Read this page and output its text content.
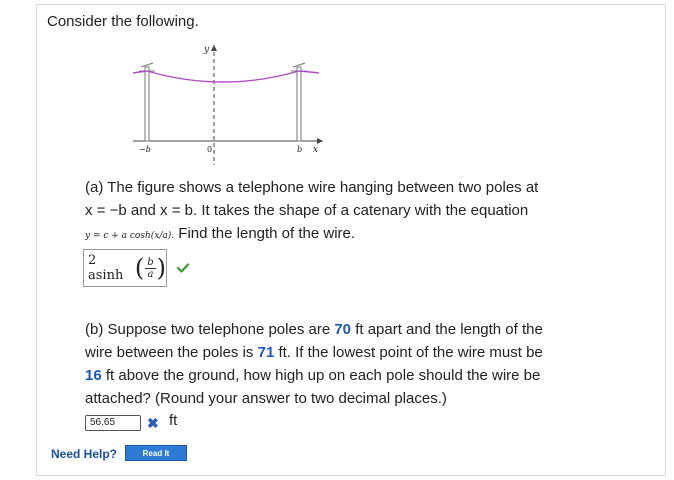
Consider the following.
y
x
−b	0	b
(a) The figure shows a telephone wire hanging between two poles at
x = −b and x = b. It takes the shape of a catenary with the equation
y = c + a cosh(x/a). Find the length of the wire.
2 asinh ( $\frac{b}{a}$ )
(b) Suppose two telephone poles are 70 ft apart and the length of the
wire between the poles is 71 ft. If the lowest point of the wire must be
16 ft above the ground, how high up on each pole should the wire be
attached? (Round your answer to two decimal places.)
56.65	✖ ft
Need Help?	Read It
